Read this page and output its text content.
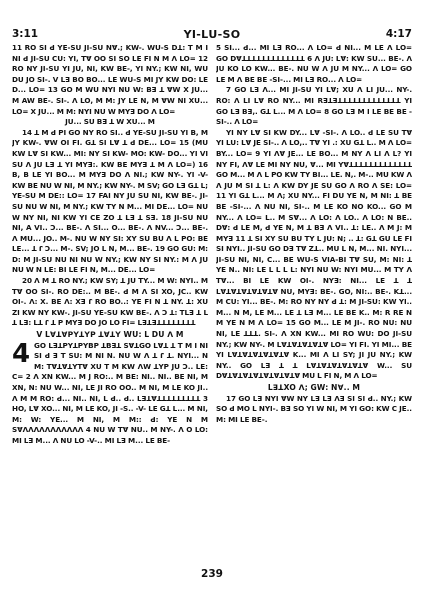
3:11	YI-ꓡU-SO	4:17

11 RO SI ꓒ YE-SU JI-SU Nꓯ.; KW-. WU-S Dꓕ: T M I NI ꓒ JI-SU CU: YI, Tꓯ OO SI SO LE FI N M ꓥ LO= 12 RO NY JI-SU YI JU, NI, KW BE-, YI NY.; KW NI, WU DU JO SI-. V Lꓱ BO BO... LE WU-S MI JY KW DO: LE D... LO= 13 GO M WU NYI NU W: Bꓱ ꓕ ꓯW X JU... M AW BE-. SI-. ꓥ LO, M M: JY LE N, M ꓯW NI XU... LO= X JU... M M: NYI NU W MYꓱ DO ꓥ LO=

JU... SU Bꓱ ꓕ W XU... M

14 ꓕ M ꓒ PI GO NY RO SI.. ꓒ YE-SU JI-SU YI B, M JY KW-. ꓯW OI FI. Gꓕ SI ꓡꓯ ꓕ ꓒ DE... LO= 15 (MU KW ꓡꓯ SI KW... MI: NY SI KW- MO: KW- DO... YI VI SU ꓥ JU ꓡꓱ ꓕ YI MYꓱ:. KW BE MYꓱ ꓕ M ꓥ LO=) 16 B, B LE YI BO... M MYꓱ DO ꓥ NI.; KW NY-. YI -V- KW BE NU W NI, M NY.; KW NY-. M SV; GO Lꓱ Gꓕ L; YE-SU M DE:: LO= 17 FAI NY JU SU NI, KW BE-. JI-SU NU W NI, M NY.; KW TY N M... MI DE... LO= NU W NY NI, NI KW YI CE ZO ꓕ ꓡꓱ ꓕ Sꓱ. 18 JI-SU NU NI, A VI.. ꓛ... BE-. ꓥ SI... O... BE-. ꓥ NV... ꓛ... BE-. ꓥ MU... JO.. M-. NU W NY SI: XY SU BU ꓥ ꓡ PO: BE LE... ꓕ ꓩ ꓛ... M-. SV; JO L N, M... BE-. 19 GO GU: M: D: M JI-SU NU NI NU W NY.; KW NY SI NY.: M ꓥ JU NU W N LE: BI LE FI N, M... DE... LO=

20 ꓥ M ꓕ RO NY.; KW SY; ꓕ JU TY... M W: NYI.. M Tꓯ OO SI-. RO DE:.. M BE-. ꓒ M ꓥ SI XO, JC.. KW OI-. ꓥ: X. BE ꓥ: Xꓱ ꓩ RO BO..: YE FI N ꓕ NY. ꓕ: XU ZI KW NY KW-. JI-SU YE-SU KW BE-. ꓥ ꓛ ꓕ: TLꓱ ꓕ L ꓕ Lꓱ: Lꓕ ꓩ ꓕ P MYꓱ DO JO LO FI= Lꓱꓕꓱꓕꓕꓕꓕꓕꓕꓕꓕ

V Lꓯꓕꓯꓑꓬꓕꓬꓑ ꓕꓯꓕꓬ WU: L DU ꓥ M

4 GO Lꓱꓕꓑꓬꓕꓑꓬꓐꓑ ꓕꓐꓱꓕ SꓯꓕGO ꓡꓯꓕ ꓕ T M I NI SI ꓒ ꓱ T SU: M NI N. NU W ꓥ ꓕ ꓩ ꓕ. NYI... N M: TꓯꓕꓯꓕꓬTꓯ XU T M KW ꓥW ꓕꓬꓑ JU ꓛ.. LE: C= 2 ꓥ XN KW... M J RO:.. M BE: NI.. NI.. BE NI, M XN, N: NU W... NI, LE JI RO OO.. M NI, M LE KO JI.. ꓥ M M RO: ꓒ... NI.. NI, L ꓒ.. ꓒ.. Lꓱꓕꓯꓕꓕꓕꓕꓕꓕꓕꓕꓕ 3 HO, Lꓯ XO... NI, M LE KO, JI -S.. -V- LE Gꓕ L... M NI, M: W: YE... M NI, M M:: ꓒ: YE N M Sꓯꓥꓥꓥꓥꓥꓥꓥꓥꓥꓥꓥ 4 NU W Tꓯ NU.. M NY-. ꓥ O LO: MI ꓡꓱ M... ꓥ NU LO -V-.. MI ꓡꓱ M... LE BE-

5 SI... ꓒ... MI ꓡꓱ RO... ꓥ LO= ꓒ NI... M LE ꓥ LO= GO Dꓯꓕꓕꓕꓕꓕꓕꓕꓕꓕꓕꓕꓕꓕ 6 ꓥ JU: Lꓯ: KW SU... BE-. ꓥ JU KO LO KW... BE-. NU W ꓥ JU M NY... ꓥ LO= GO LE M ꓥ BE BE -SI-... MI ꓡꓱ RO... ꓥ LO=

7 GO Lꓱ ꓥ... MI JI-SU YI Lꓯ; XU ꓥ LI JU... NY-. RO: ꓥ LI Lꓯ RO NY... MI Rꓱꓕꓱꓕꓕꓕꓕꓕꓕꓕꓕꓕꓕꓕꓕꓕ YI GO Lꓱ Bꓱ,. Gꓕ L... M ꓥ LO= 8 GO Lꓱ M I LE BE BE -SI-.. ꓥ LO=

YI NY Lꓯ SI KW DY... Lꓯ -SI-. ꓥ LO.. ꓒ LE SU Tꓯ YI LU: Lꓯ JE SI-.. ꓥ LO,.. Tꓯ YI .: XU Gꓕ L.. M ꓥ LO= BY... LO= 9 YI ꓥꓯ JE... LE BO... M NY ꓥ LI ꓥ L? YI NY FI, ꓥꓯ LE MI NY NU, ꓯ... MI Yꓯꓕꓕꓕꓕꓕꓕꓕꓕꓕꓕꓕꓕꓕ GO M... M ꓥ L PO KW TY BI... LE. N,. M-.. MU KW ꓥ ꓥ JU M SI ꓕ ꓡ: ꓥ KW DY JE SU GO ꓥ RO ꓥ SE: LO= 11 YI Gꓕ L... M ꓥ; XU NY... FI DU YE N, M NI: ꓕ BE BE -SI-... ꓥ NU NI, SI-.. M LE KO NO KO... GO M NY... ꓥ LO= ꓡ.. M Sꓯ... ꓥ LO: ꓥ LO.. ꓥ LO: N BE.. Dꓯ: ꓒ LE M, ꓒ YE N, M ꓕ Bꓱ ꓥ VI.. ꓕ: LE.. ꓥ M J: M MYꓱ 11 ꓕ SI XY SU BU TY ꓡ JU: N; .. ꓕ: Gꓕ GU LE FI SI NYI.. JI-SU GO Dꓱ Tꓯ Zꓕ.. MU L N, M... NI. NYI... JI-SU NI, NI, C... BE WU-S VIA-BI Tꓯ SU, M: NI: ꓕ YE N.. NI: LE ꓡ ꓡ ꓡ ꓡ: NYI NU W: NYI MU... M TY ꓥ Tꓯ... BI LE KW OI-. NYꓱ: NI... LE ꓕ ꓕ Lꓯꓕꓯꓕꓯꓕꓯꓕꓯꓕꓯ NU, MYꓱ: BE-. GO, NI:.. BE-. Kꓕ... M CU: YI... BE-. M: RO NY NY ꓒ ꓕ: M JI-SU: KW YI.. M... N M, LE M... LE ꓕ Lꓱ M... LE BE K.. M: R RE N M YE N M ꓥ LO= 15 GO M... LE M JI-. RO NU: NU NI, LE ꓕꓕꓕ. SI-. ꓥ XN KW... MI RO WU: DO JI-SU NY.; KW NY-. M Lꓯꓕꓯꓕꓯꓕꓯꓕꓯ LO= YI FI. YI MI... BE YI Lꓯꓕꓯꓕꓯꓕꓯꓕꓯꓕꓯ K... MI ꓥ LI SY; JI JU NY.; KW NY.. GO Lꓱ ꓕ ꓕ Lꓯꓕꓯꓕꓯꓕꓯꓕꓯꓕꓯ W... SU Dꓯꓕꓯꓕꓯꓕꓯꓕꓯꓕꓯꓕꓯꓕꓯ MU L FI N, M ꓥ LO=

LꓱꓕXO ꓥ; GW: Nꓯ.. M

17 GO Lꓱ NYI ꓯW NY Lꓱ Lꓱ ꓥꓱ SI SI ꓒ.. NY.; KW SO ꓒ MO ꓡ NYI-. Bꓱ SO YI W NI, M YI GO: KW C JE.. M: MI LE BE-.

239
